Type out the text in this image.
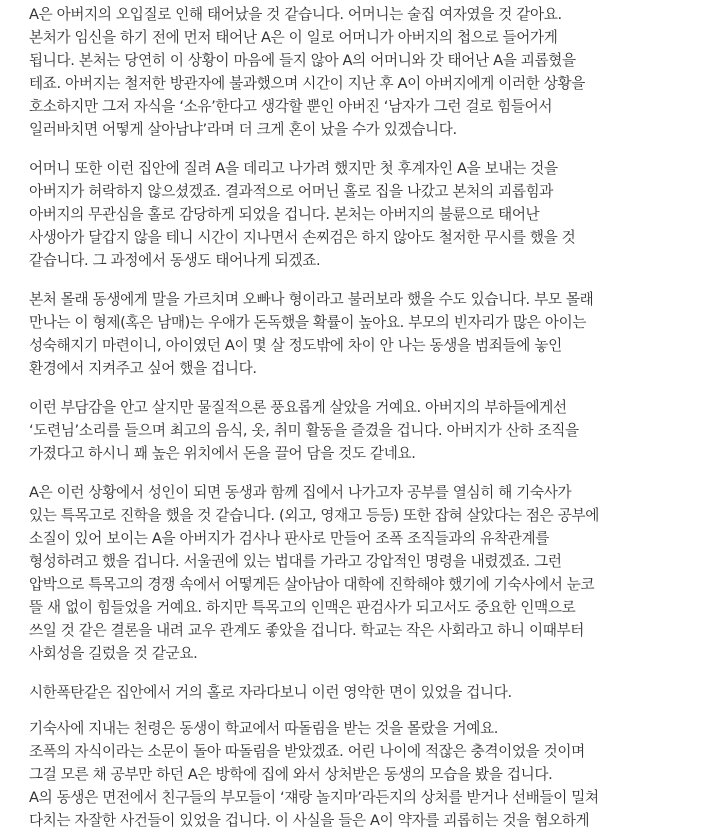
A은 아버지의 오입질로 인해 태어났을 것 같습니다. 어머니는 술집 여자였을 것 같아요.
본처가 임신을 하기 전에 먼저 태어난 A은 이 일로 어머니가 아버지의 첩으로 들어가게
됩니다. 본처는 당연히 이 상황이 마음에 들지 않아 A의 어머니와 갓 태어난 A을 괴롭혔을
테죠. 아버지는 철저한 방관자에 불과했으며 시간이 지난 후 A이 아버지에게 이러한 상황을
호소하지만 그저 자식을 ‘소유’한다고 생각할 뿐인 아버진 ‘남자가 그런 걸로 힘들어서
일러바치면 어떻게 살아남냐’라며 더 크게 혼이 났을 수가 있겠습니다.
어머니 또한 이런 집안에 질려 A을 데리고 나가려 했지만 첫 후계자인 A을 보내는 것을
아버지가 허락하지 않으셨겠죠. 결과적으로 어머닌 홀로 집을 나갔고 본처의 괴롭힘과
아버지의 무관심을 홀로 감당하게 되었을 겁니다. 본처는 아버지의 불륜으로 태어난
사생아가 달갑지 않을 테니 시간이 지나면서 손찌검은 하지 않아도 철저한 무시를 했을 것
같습니다. 그 과정에서 동생도 태어나게 되겠죠.
본처 몰래 동생에게 말을 가르치며 오빠나 형이라고 불러보라 했을 수도 있습니다. 부모 몰래
만나는 이 형제(혹은 남매)는 우애가 돈독했을 확률이 높아요. 부모의 빈자리가 많은 아이는
성숙해지기 마련이니, 아이였던 A이 몇 살 정도밖에 차이 안 나는 동생을 범죄들에 놓인
환경에서 지켜주고 싶어 했을 겁니다.
이런 부담감을 안고 살지만 물질적으론 풍요롭게 살았을 거예요. 아버지의 부하들에게선
‘도련님’소리를 들으며 최고의 음식, 옷, 취미 활동을 즐겼을 겁니다. 아버지가 산하 조직을
가졌다고 하시니 꽤 높은 위치에서 돈을 끌어 담을 것도 같네요.
A은 이런 상황에서 성인이 되면 동생과 함께 집에서 나가고자 공부를 열심히 해 기숙사가
있는 특목고로 진학을 했을 것 같습니다. (외고, 영재고 등등) 또한 잡혀 살았다는 점은 공부에
소질이 있어 보이는 A을 아버지가 검사나 판사로 만들어 조폭 조직들과의 유착관계를
형성하려고 했을 겁니다. 서울권에 있는 법대를 가라고 강압적인 명령을 내렸겠죠. 그런
압박으로 특목고의 경쟁 속에서 어떻게든 살아남아 대학에 진학해야 했기에 기숙사에서 눈코
뜰 새 없이 힘들었을 거예요. 하지만 특목고의 인맥은 판검사가 되고서도 중요한 인맥으로
쓰일 것 같은 결론을 내려 교우 관계도 좋았을 겁니다. 학교는 작은 사회라고 하니 이때부터
사회성을 길렀을 것 같군요.
시한폭탄같은 집안에서 거의 홀로 자라다보니 이런 영악한 면이 있었을 겁니다.
기숙사에 지내는 천령은 동생이 학교에서 따돌림을 받는 것을 몰랐을 거예요.
조폭의 자식이라는 소문이 돌아 따돌림을 받았겠죠. 어린 나이에 적잖은 충격이었을 것이며
그걸 모른 채 공부만 하던 A은 방학에 집에 와서 상처받은 동생의 모습을 봤을 겁니다.
A의 동생은 면전에서 친구들의 부모들이 ‘쟤랑 놀지마’라든지의 상처를 받거나 선배들이 밀쳐
다치는 자잘한 사건들이 있었을 겁니다. 이 사실을 들은 A이 약자를 괴롭히는 것을 혐오하게
